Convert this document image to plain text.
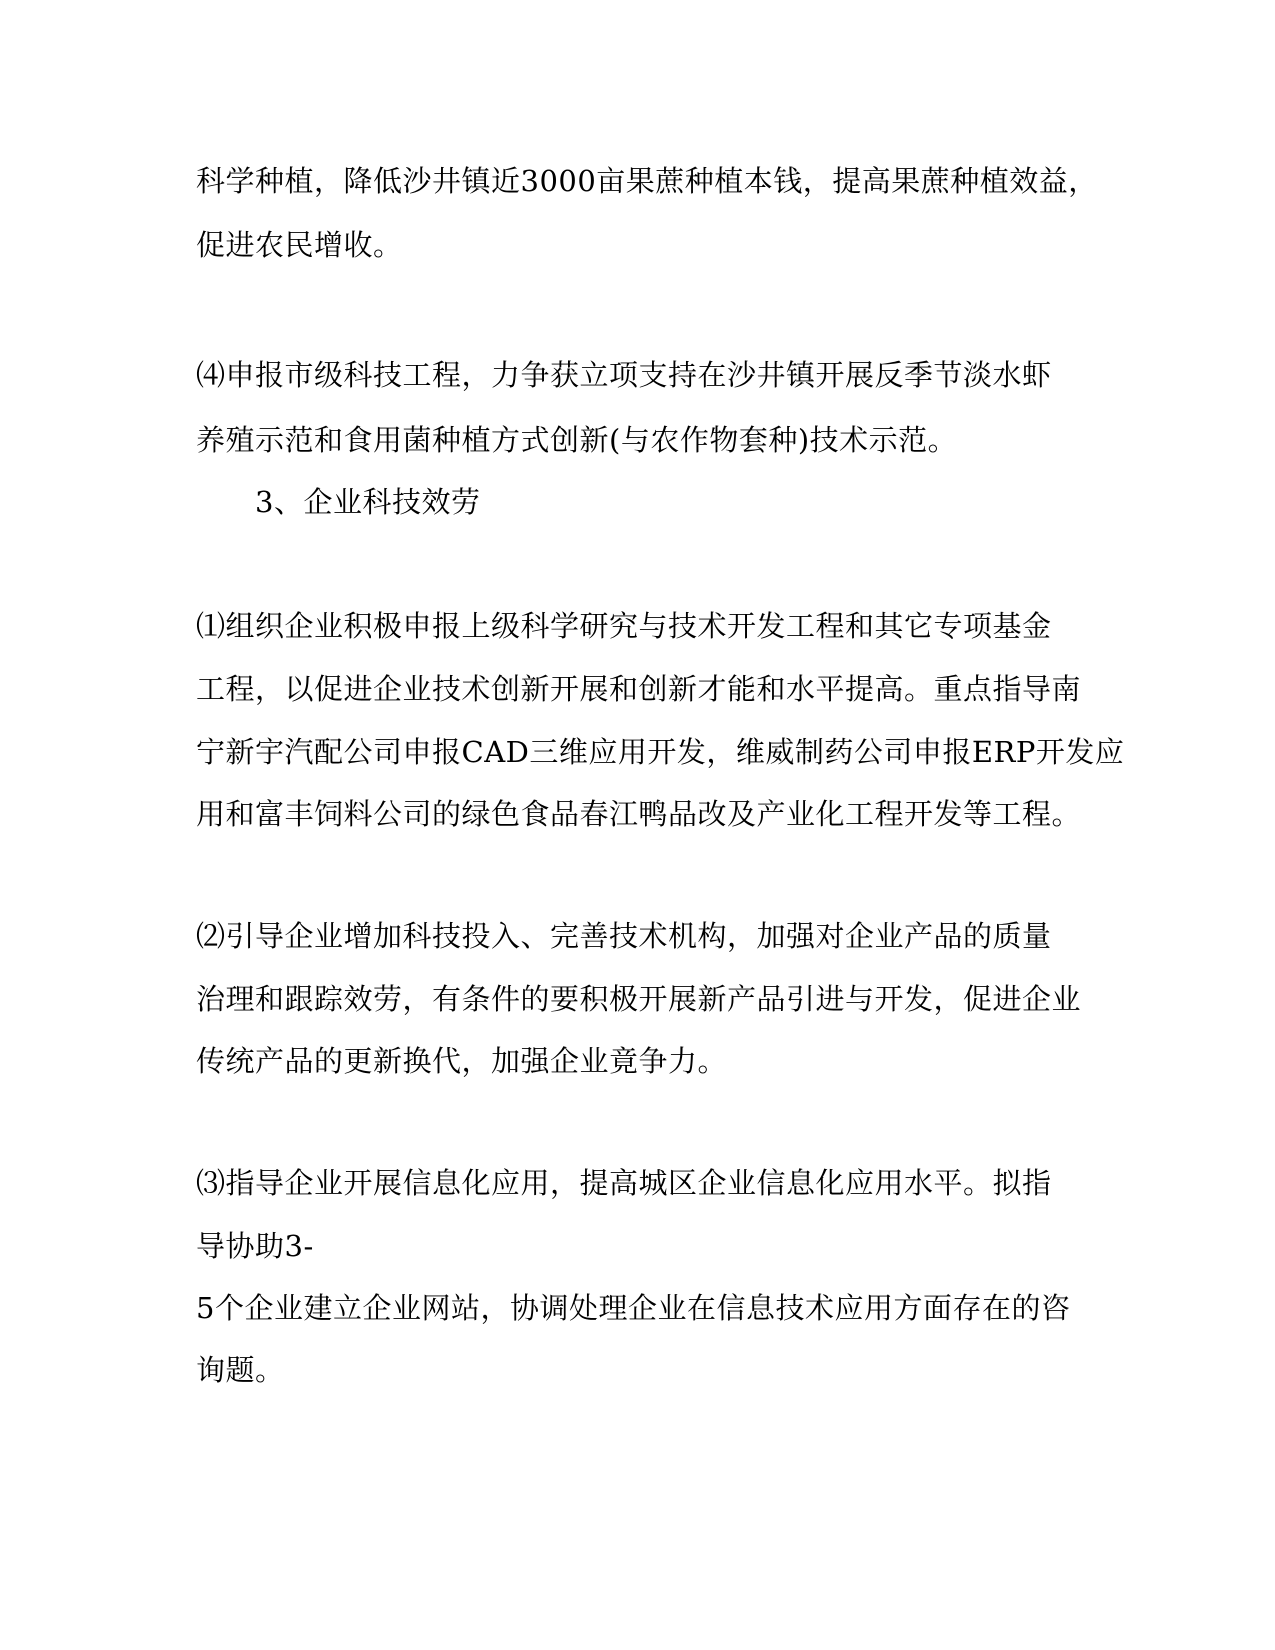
科学种植，降低沙井镇近3000亩果蔗种植本钱，提高果蔗种植效益，
促进农民增收。
⑷申报市级科技工程，力争获立项支持在沙井镇开展反季节淡水虾
养殖示范和食用菌种植方式创新(与农作物套种)技术示范。
3、企业科技效劳
⑴组织企业积极申报上级科学研究与技术开发工程和其它专项基金
工程，以促进企业技术创新开展和创新才能和水平提高。重点指导南
宁新宇汽配公司申报CAD三维应用开发，维威制药公司申报ERP开发应
用和富丰饲料公司的绿色食品春江鸭品改及产业化工程开发等工程。
⑵引导企业增加科技投入、完善技术机构，加强对企业产品的质量
治理和跟踪效劳，有条件的要积极开展新产品引进与开发，促进企业
传统产品的更新换代，加强企业竟争力。
⑶指导企业开展信息化应用，提高城区企业信息化应用水平。拟指
导协助3-
5个企业建立企业网站，协调处理企业在信息技术应用方面存在的咨
询题。
